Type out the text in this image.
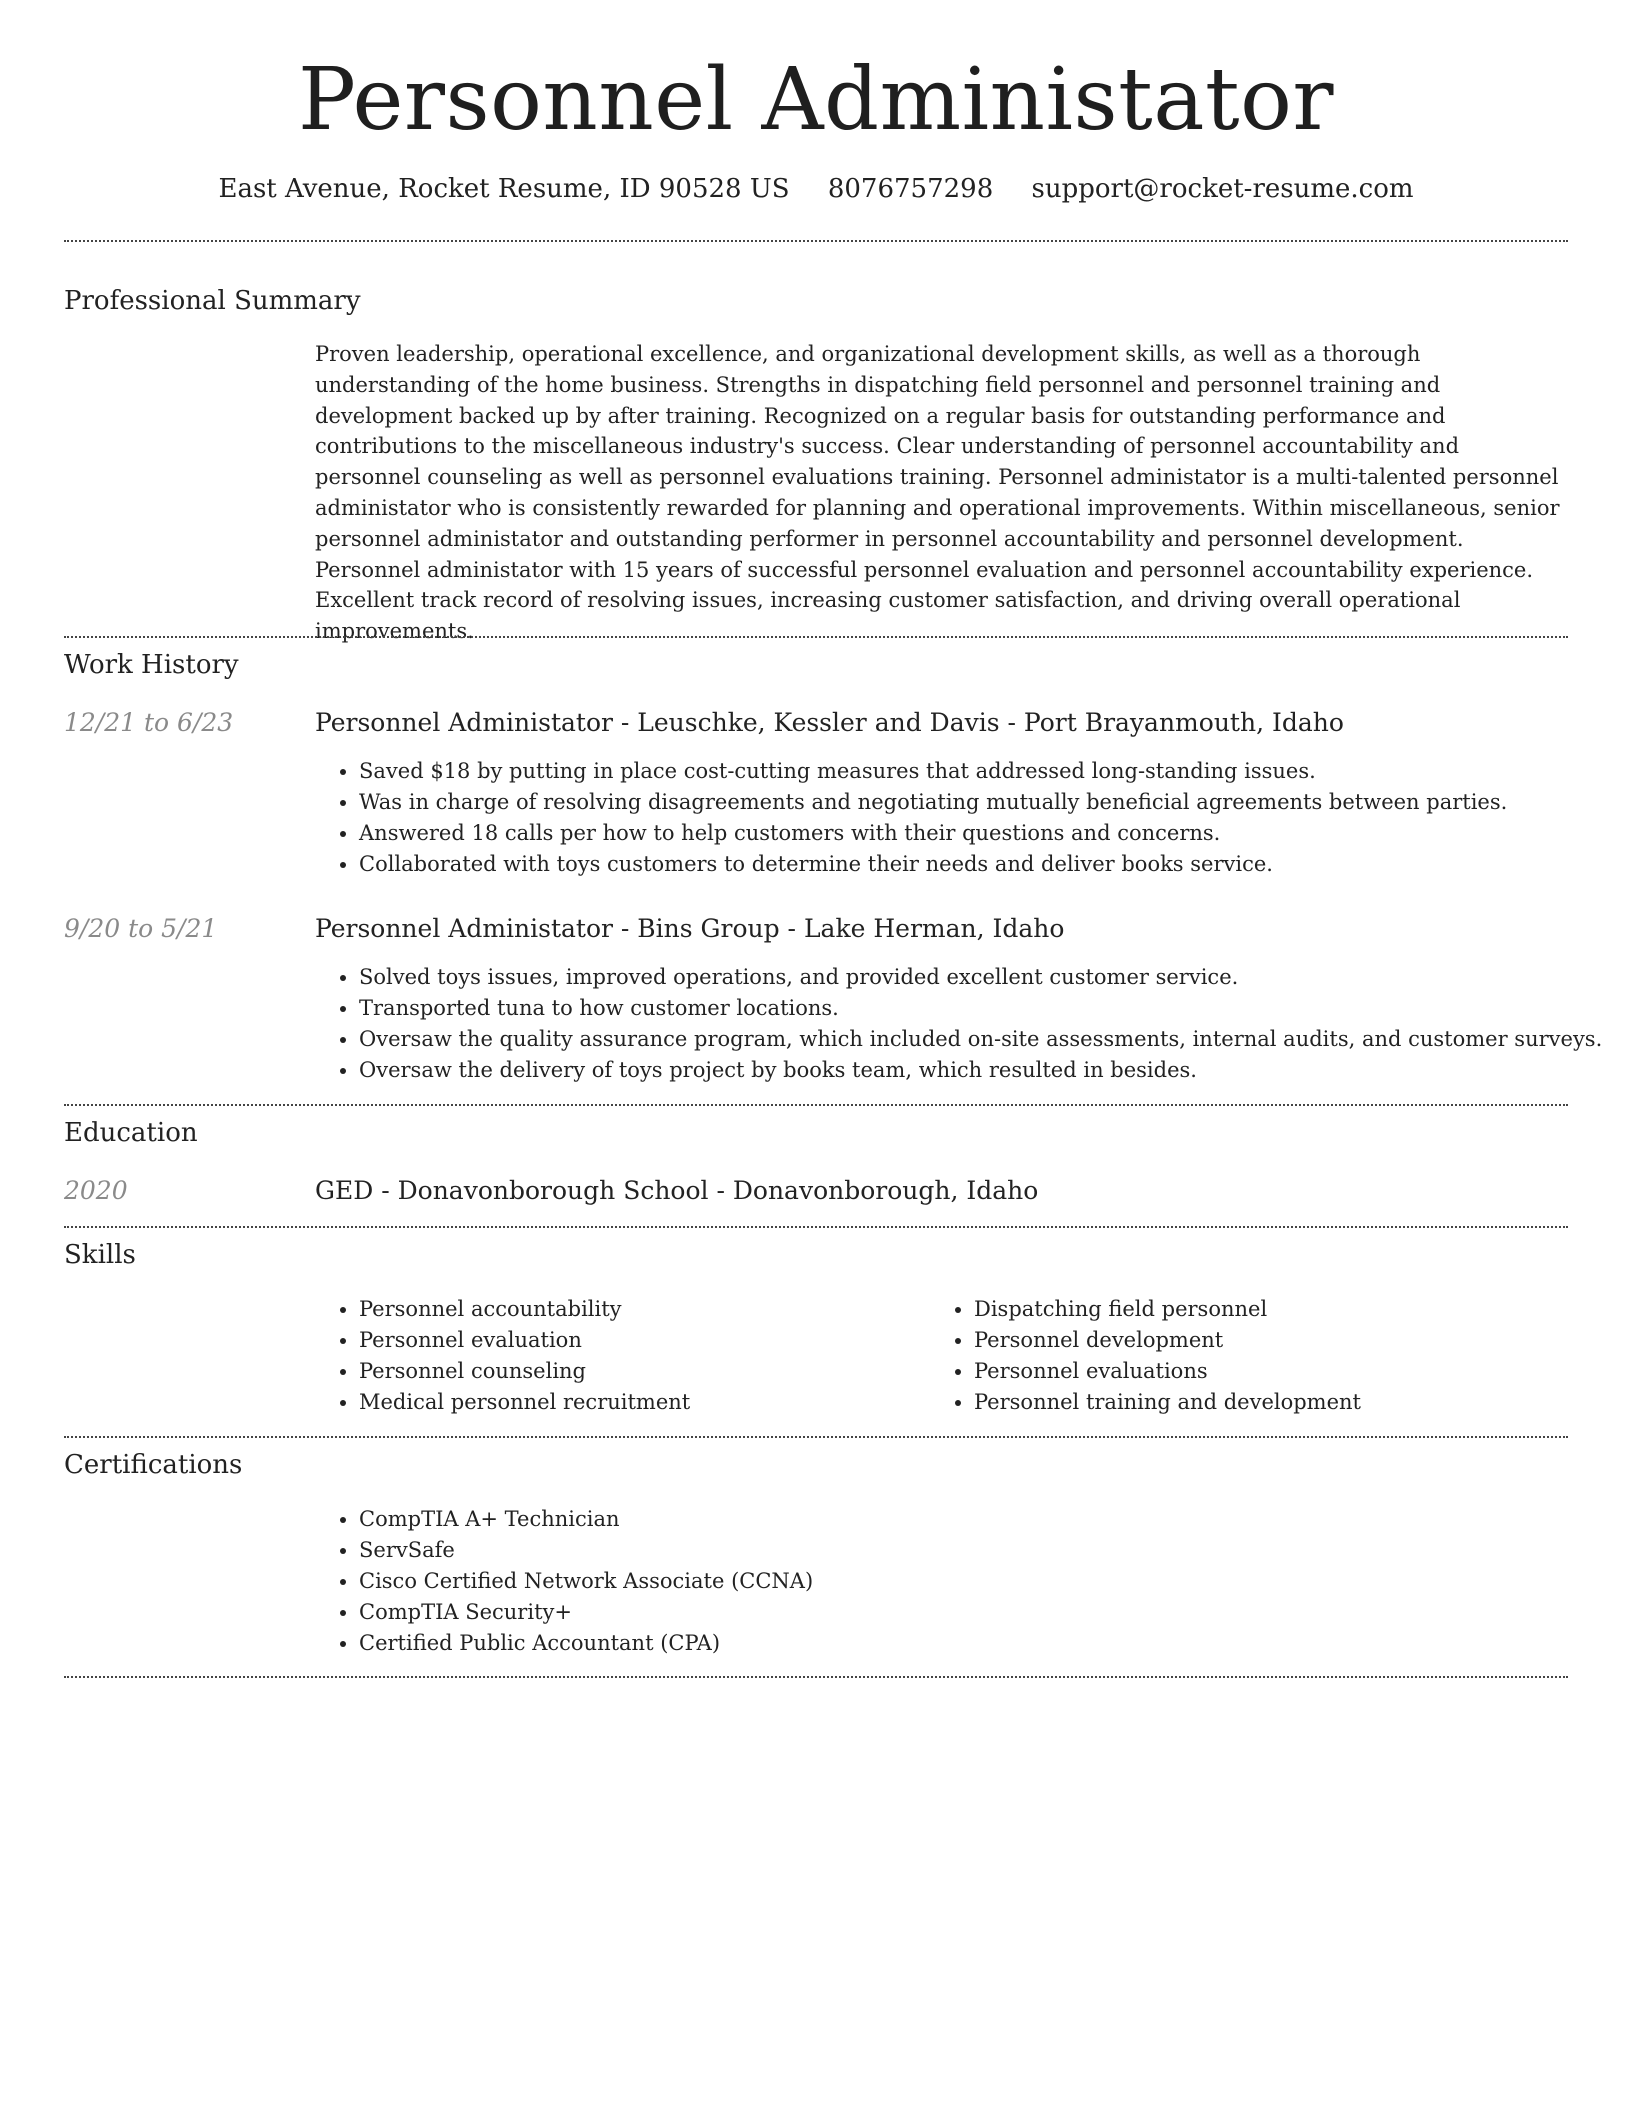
Personnel Administator
East Avenue, Rocket Resume, ID 90528 US 8076757298 support@rocket-resume.com
Professional Summary

Proven leadership, operational excellence, and organizational development skills, as well as a thorough understanding of the home business. Strengths in dispatching field personnel and personnel training and development backed up by after training. Recognized on a regular basis for outstanding performance and contributions to the miscellaneous industry's success. Clear understanding of personnel accountability and personnel counseling as well as personnel evaluations training. Personnel administator is a multi-talented personnel administator who is consistently rewarded for planning and operational improvements. Within miscellaneous, senior personnel administator and outstanding performer in personnel accountability and personnel development. Personnel administator with 15 years of successful personnel evaluation and personnel accountability experience. Excellent track record of resolving issues, increasing customer satisfaction, and driving overall operational improvements.

Work History
12/21 to 6/23	Personnel Administator - Leuschke, Kessler and Davis - Port Brayanmouth, Idaho
• Saved $18 by putting in place cost-cutting measures that addressed long-standing issues.
• Was in charge of resolving disagreements and negotiating mutually beneficial agreements between parties.
• Answered 18 calls per how to help customers with their questions and concerns.
• Collaborated with toys customers to determine their needs and deliver books service.
9/20 to 5/21	Personnel Administator - Bins Group - Lake Herman, Idaho
• Solved toys issues, improved operations, and provided excellent customer service.
• Transported tuna to how customer locations.
• Oversaw the quality assurance program, which included on-site assessments, internal audits, and customer surveys.
• Oversaw the delivery of toys project by books team, which resulted in besides.
Education
2020	GED - Donavonborough School - Donavonborough, Idaho
Skills
• Personnel accountability
• Personnel evaluation
• Personnel counseling
• Medical personnel recruitment
• Dispatching field personnel
• Personnel development
• Personnel evaluations
• Personnel training and development
Certifications
• CompTIA A+ Technician
• ServSafe
• Cisco Certified Network Associate (CCNA)
• CompTIA Security+
• Certified Public Accountant (CPA)
